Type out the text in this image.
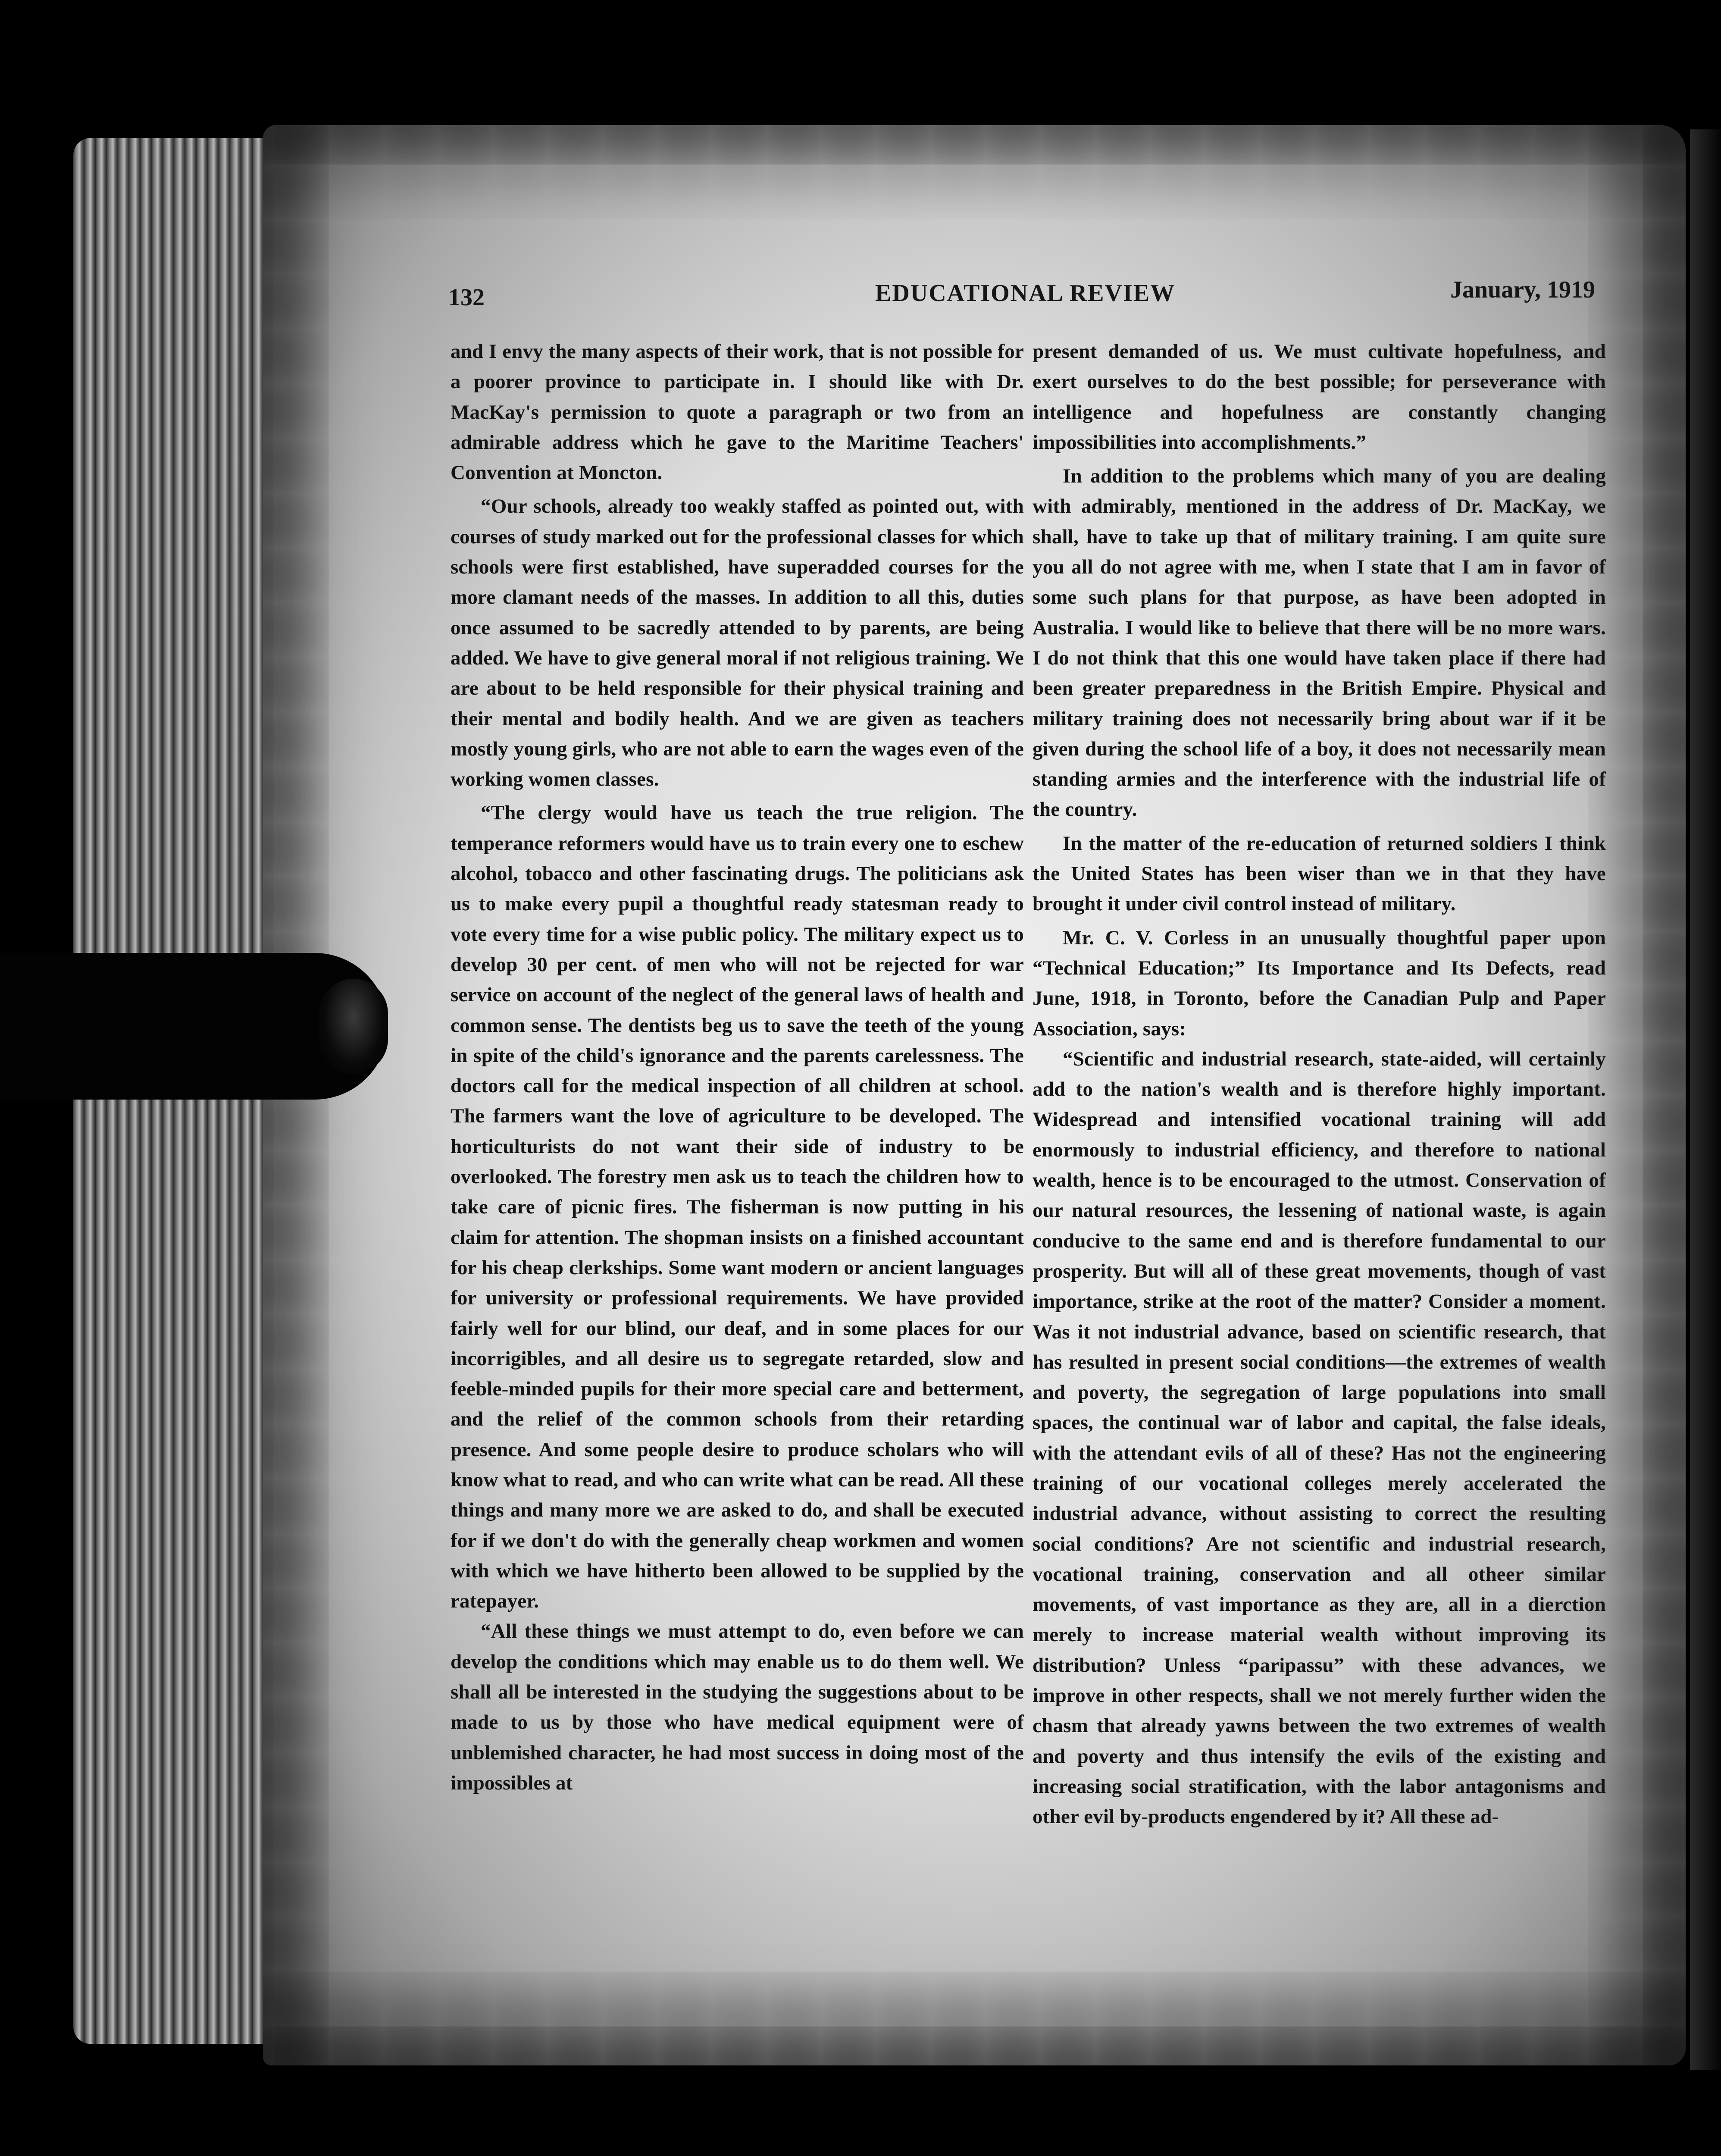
132	EDUCATIONAL REVIEW	January, 1919

and I envy the many aspects of their work, that is not possible for a poorer province to participate in. I should like with Dr. MacKay's permission to quote a paragraph or two from an admirable address which he gave to the Maritime Teachers' Convention at Moncton.

“Our schools, already too weakly staffed as pointed out, with courses of study marked out for the professional classes for which schools were first established, have superadded courses for the more clamant needs of the masses. In addition to all this, duties once assumed to be sacredly attended to by parents, are being added. We have to give general moral if not religious training. We are about to be held responsible for their physical training and their mental and bodily health. And we are given as teachers mostly young girls, who are not able to earn the wages even of the working women classes.

“The clergy would have us teach the true religion. The temperance reformers would have us to train every one to eschew alcohol, tobacco and other fascinating drugs. The politicians ask us to make every pupil a thoughtful ready statesman ready to vote every time for a wise public policy. The military expect us to develop 30 per cent. of men who will not be rejected for war service on account of the neglect of the general laws of health and common sense. The dentists beg us to save the teeth of the young in spite of the child's ignorance and the parents carelessness. The doctors call for the medical inspection of all children at school. The farmers want the love of agriculture to be developed. The horticulturists do not want their side of industry to be overlooked. The forestry men ask us to teach the children how to take care of picnic fires. The fisherman is now putting in his claim for attention. The shopman insists on a finished accountant for his cheap clerkships. Some want modern or ancient languages for university or professional requirements. We have provided fairly well for our blind, our deaf, and in some places for our incorrigibles, and all desire us to segregate retarded, slow and feeble-minded pupils for their more special care and betterment, and the relief of the common schools from their retarding presence. And some people desire to produce scholars who will know what to read, and who can write what can be read. All these things and many more we are asked to do, and shall be executed for if we don't do with the generally cheap workmen and women with which we have hitherto been allowed to be supplied by the ratepayer.

“All these things we must attempt to do, even before we can develop the conditions which may enable us to do them well. We shall all be interested in the studying the suggestions about to be made to us by those who have medical equipment were of unblemished character, he had most success in doing most of the impossibles at

present demanded of us. We must cultivate hopefulness, and exert ourselves to do the best possible; for perseverance with intelligence and hopefulness are constantly changing impossibilities into accomplishments.”

In addition to the problems which many of you are dealing with admirably, mentioned in the address of Dr. MacKay, we shall, have to take up that of military training. I am quite sure you all do not agree with me, when I state that I am in favor of some such plans for that purpose, as have been adopted in Australia. I would like to believe that there will be no more wars. I do not think that this one would have taken place if there had been greater preparedness in the British Empire. Physical and military training does not necessarily bring about war if it be given during the school life of a boy, it does not necessarily mean standing armies and the interference with the industrial life of the country.

In the matter of the re-education of returned soldiers I think the United States has been wiser than we in that they have brought it under civil control instead of military.

Mr. C. V. Corless in an unusually thoughtful paper upon “Technical Education;” Its Importance and Its Defects, read June, 1918, in Toronto, before the Canadian Pulp and Paper Association, says:

“Scientific and industrial research, state-aided, will certainly add to the nation's wealth and is therefore highly important. Widespread and intensified vocational training will add enormously to industrial efficiency, and therefore to national wealth, hence is to be encouraged to the utmost. Conservation of our natural resources, the lessening of national waste, is again conducive to the same end and is therefore fundamental to our prosperity. But will all of these great movements, though of vast importance, strike at the root of the matter? Consider a moment. Was it not industrial advance, based on scientific research, that has resulted in present social conditions—the extremes of wealth and poverty, the segregation of large populations into small spaces, the continual war of labor and capital, the false ideals, with the attendant evils of all of these? Has not the engineering training of our vocational colleges merely accelerated the industrial advance, without assisting to correct the resulting social conditions? Are not scientific and industrial research, vocational training, conservation and all otheer similar movements, of vast importance as they are, all in a dierction merely to increase material wealth without improving its distribution? Unless “paripassu” with these advances, we improve in other respects, shall we not merely further widen the chasm that already yawns between the two extremes of wealth and poverty and thus intensify the evils of the existing and increasing social stratification, with the labor antagonisms and other evil by-products engendered by it? All these ad-
